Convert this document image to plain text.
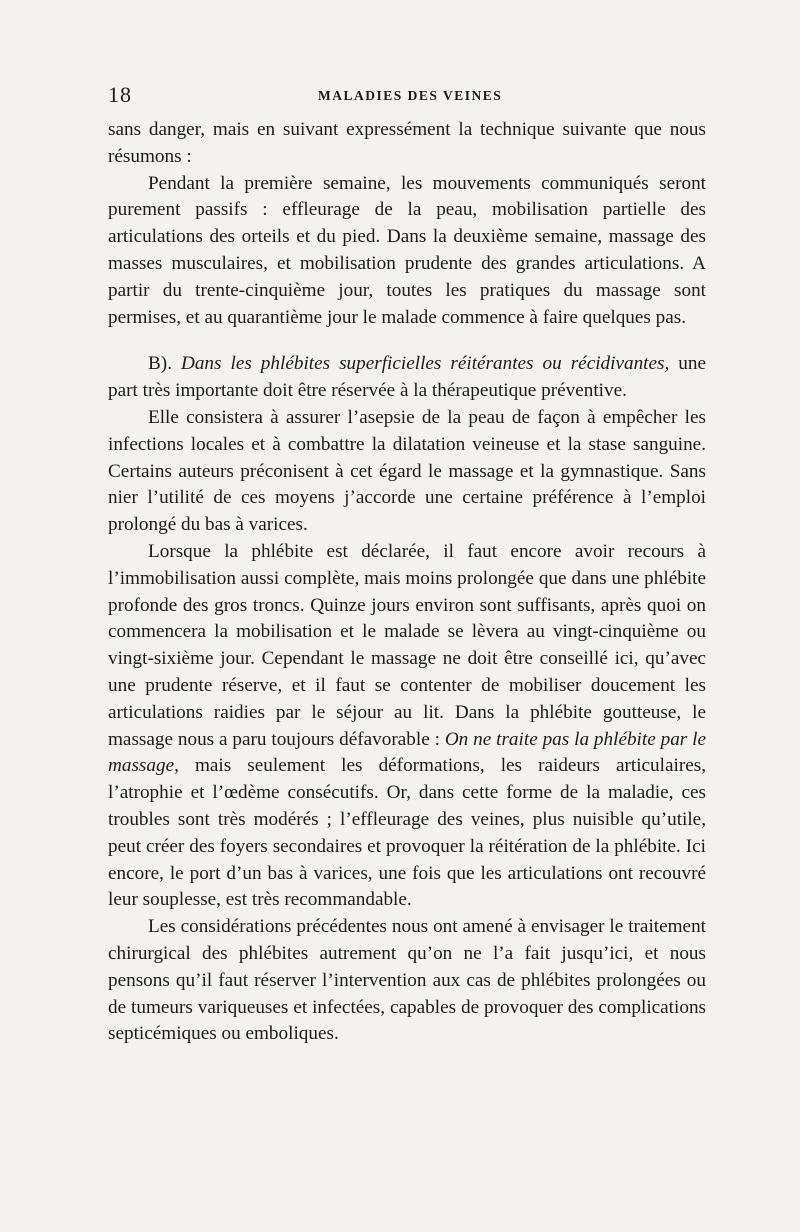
18	MALADIES DES VEINES

sans danger, mais en suivant expressément la technique suivante que nous résumons :

Pendant la première semaine, les mouvements communiqués seront purement passifs : effleurage de la peau, mobilisation partielle des articulations des orteils et du pied. Dans la deuxième semaine, massage des masses musculaires, et mobilisation prudente des grandes articulations. A partir du trente-cinquième jour, toutes les pratiques du massage sont permises, et au quarantième jour le malade commence à faire quelques pas.

B). Dans les phlébites superficielles réitérantes ou récidivantes, une part très importante doit être réservée à la thérapeutique préventive.

Elle consistera à assurer l’asepsie de la peau de façon à empêcher les infections locales et à combattre la dilatation veineuse et la stase sanguine. Certains auteurs préconisent à cet égard le massage et la gymnastique. Sans nier l’utilité de ces moyens j’accorde une certaine préférence à l’emploi prolongé du bas à varices.

Lorsque la phlébite est déclarée, il faut encore avoir recours à l’immobilisation aussi complète, mais moins prolongée que dans une phlébite profonde des gros troncs. Quinze jours environ sont suffisants, après quoi on commencera la mobilisation et le malade se lèvera au vingt-cinquième ou vingt-sixième jour. Cependant le massage ne doit être conseillé ici, qu’avec une prudente réserve, et il faut se contenter de mobiliser doucement les articulations raidies par le séjour au lit. Dans la phlébite goutteuse, le massage nous a paru toujours défavorable : On ne traite pas la phlébite par le massage, mais seulement les déformations, les raideurs articulaires, l’atrophie et l’œdème consécutifs. Or, dans cette forme de la maladie, ces troubles sont très modérés ; l’effleurage des veines, plus nuisible qu’utile, peut créer des foyers secondaires et provoquer la réitération de la phlébite. Ici encore, le port d’un bas à varices, une fois que les articulations ont recouvré leur souplesse, est très recommandable.

Les considérations précédentes nous ont amené à envisager le traitement chirurgical des phlébites autrement qu’on ne l’a fait jusqu’ici, et nous pensons qu’il faut réserver l’intervention aux cas de phlébites prolongées ou de tumeurs variqueuses et infectées, capables de provoquer des complications septicémiques ou emboliques.
